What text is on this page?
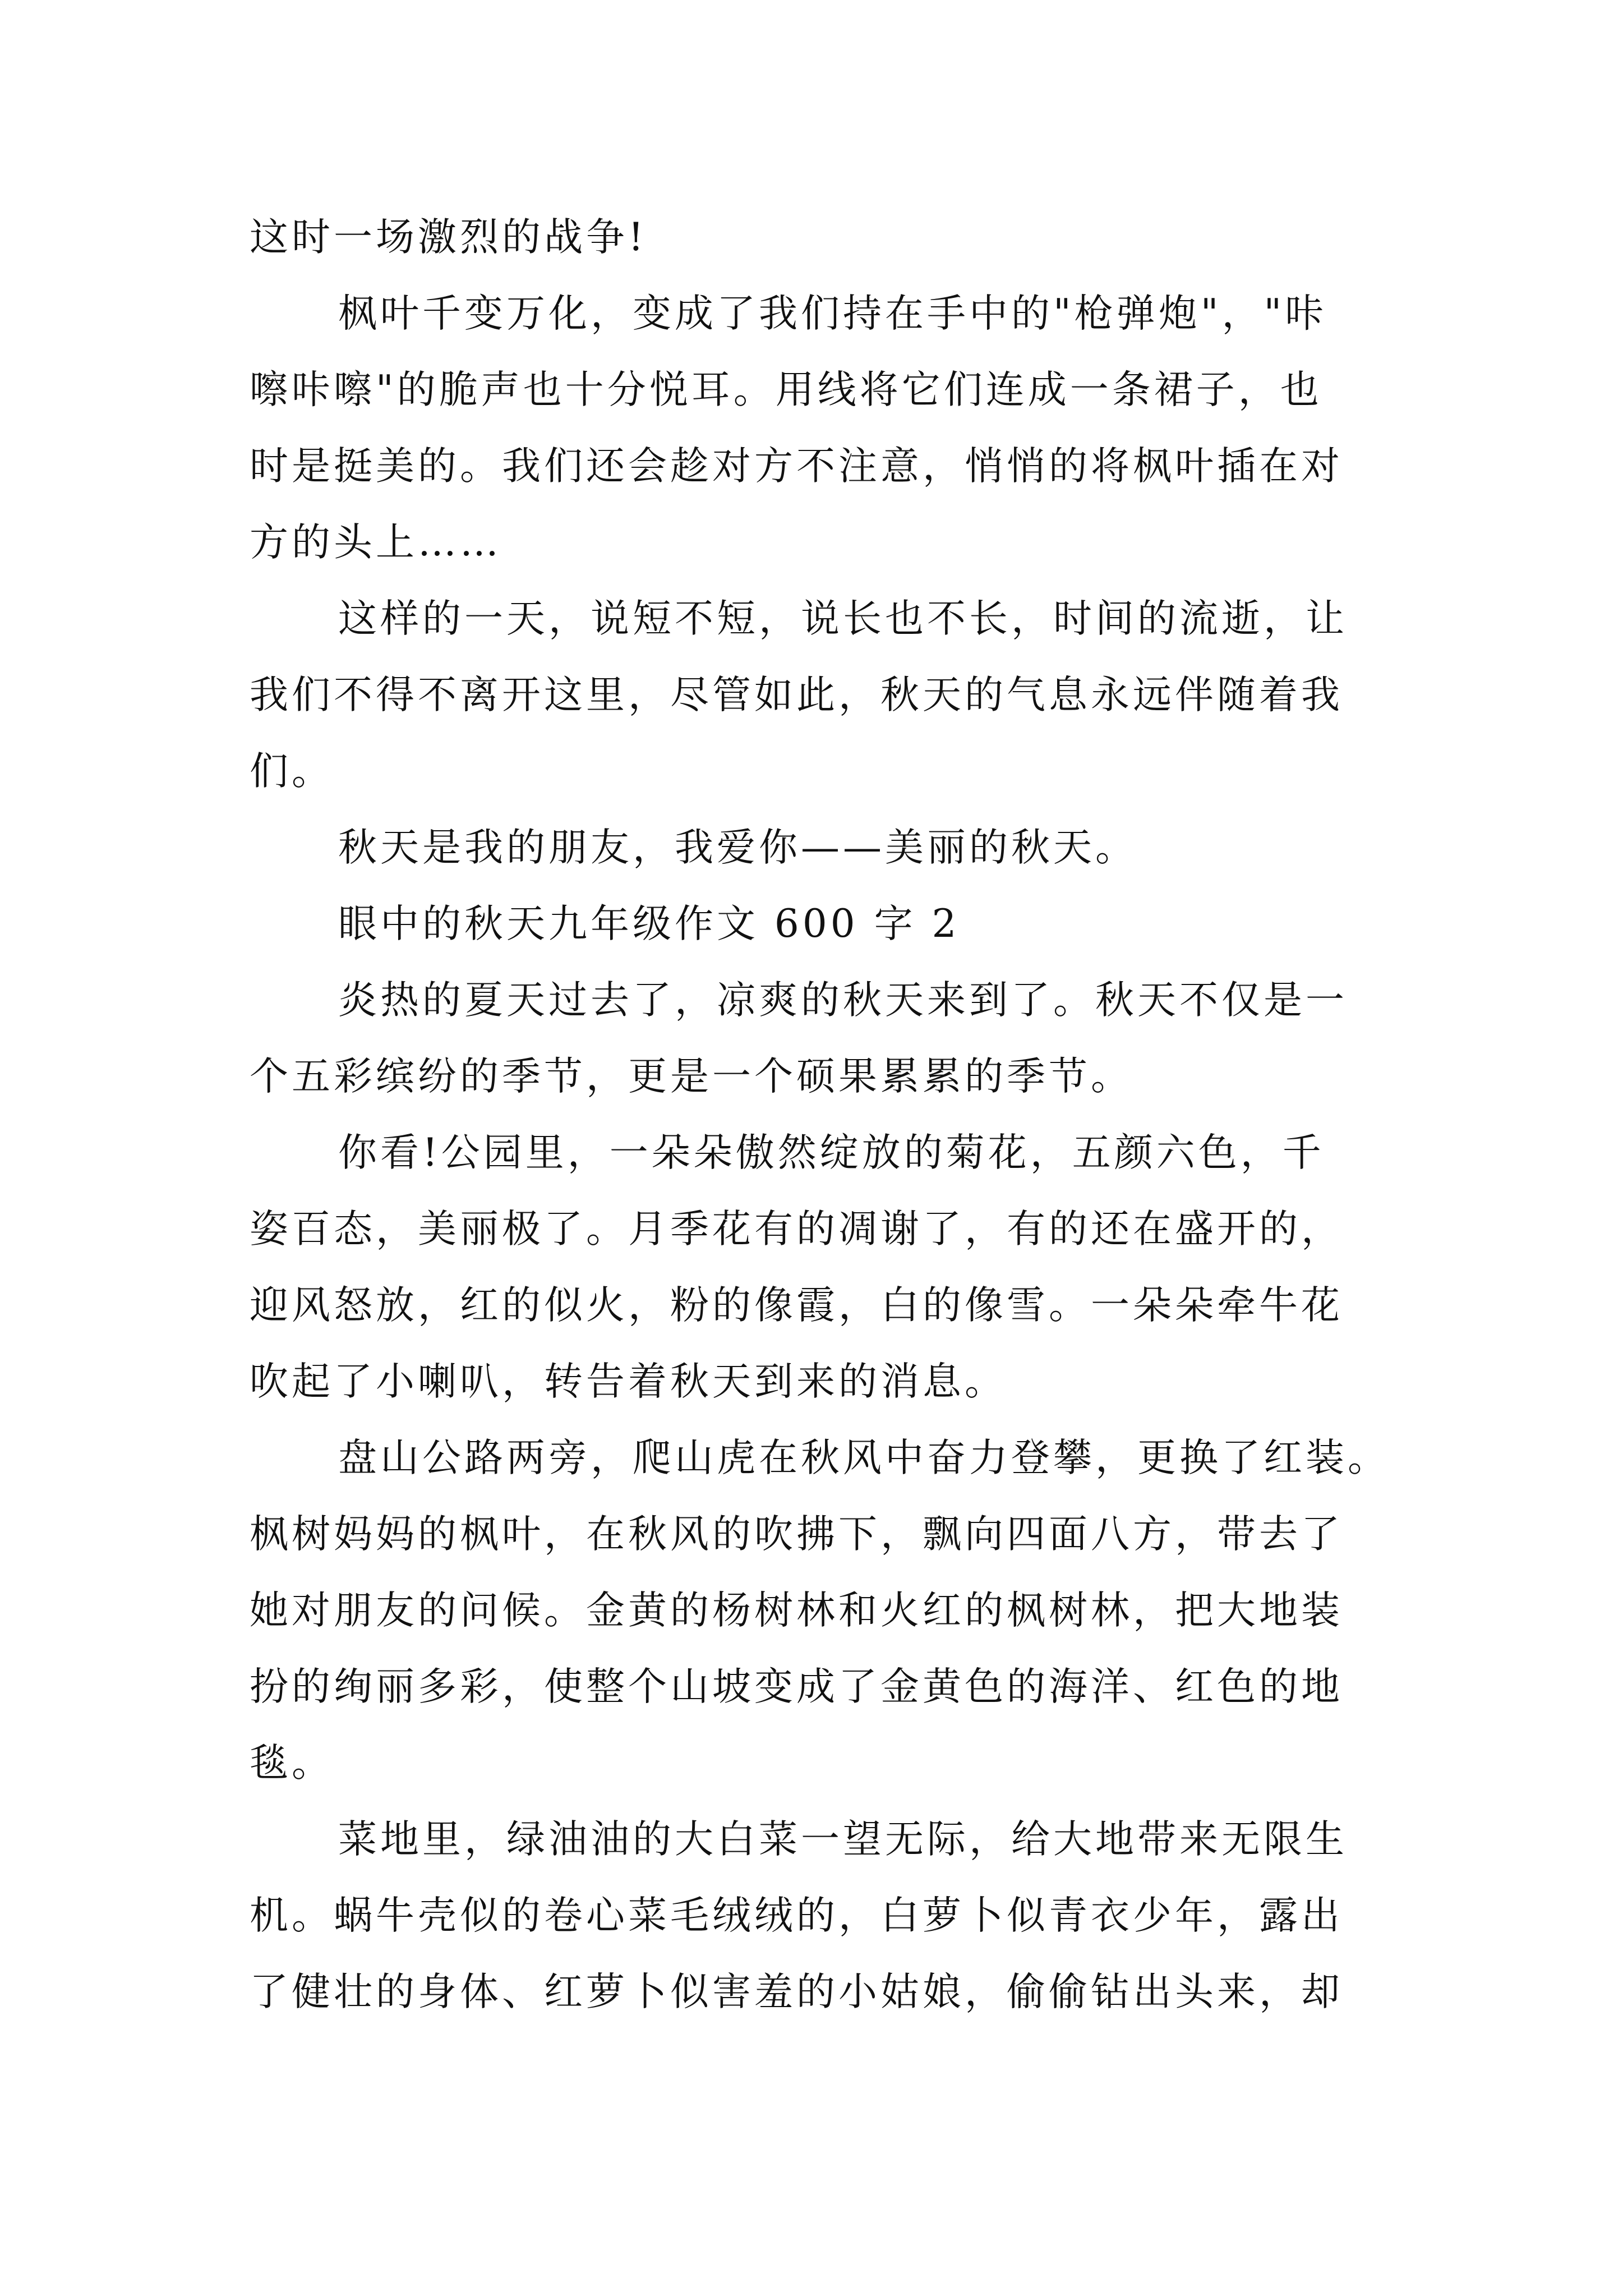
这时一场激烈的战争!
枫叶千变万化，变成了我们持在手中的"枪弹炮"，"咔
嚓咔嚓"的脆声也十分悦耳。用线将它们连成一条裙子，也
时是挺美的。我们还会趁对方不注意，悄悄的将枫叶插在对
方的头上……
这样的一天，说短不短，说长也不长，时间的流逝，让
我们不得不离开这里，尽管如此，秋天的气息永远伴随着我
们。
秋天是我的朋友，我爱你——美丽的秋天。
眼中的秋天九年级作文 600 字 2
炎热的夏天过去了，凉爽的秋天来到了。秋天不仅是一
个五彩缤纷的季节，更是一个硕果累累的季节。
你看!公园里，一朵朵傲然绽放的菊花，五颜六色，千
姿百态，美丽极了。月季花有的凋谢了，有的还在盛开的，
迎风怒放，红的似火，粉的像霞，白的像雪。一朵朵牵牛花
吹起了小喇叭，转告着秋天到来的消息。
盘山公路两旁，爬山虎在秋风中奋力登攀，更换了红装。
枫树妈妈的枫叶，在秋风的吹拂下，飘向四面八方，带去了
她对朋友的问候。金黄的杨树林和火红的枫树林，把大地装
扮的绚丽多彩，使整个山坡变成了金黄色的海洋、红色的地
毯。
菜地里，绿油油的大白菜一望无际，给大地带来无限生
机。蜗牛壳似的卷心菜毛绒绒的，白萝卜似青衣少年，露出
了健壮的身体、红萝卜似害羞的小姑娘，偷偷钻出头来，却
